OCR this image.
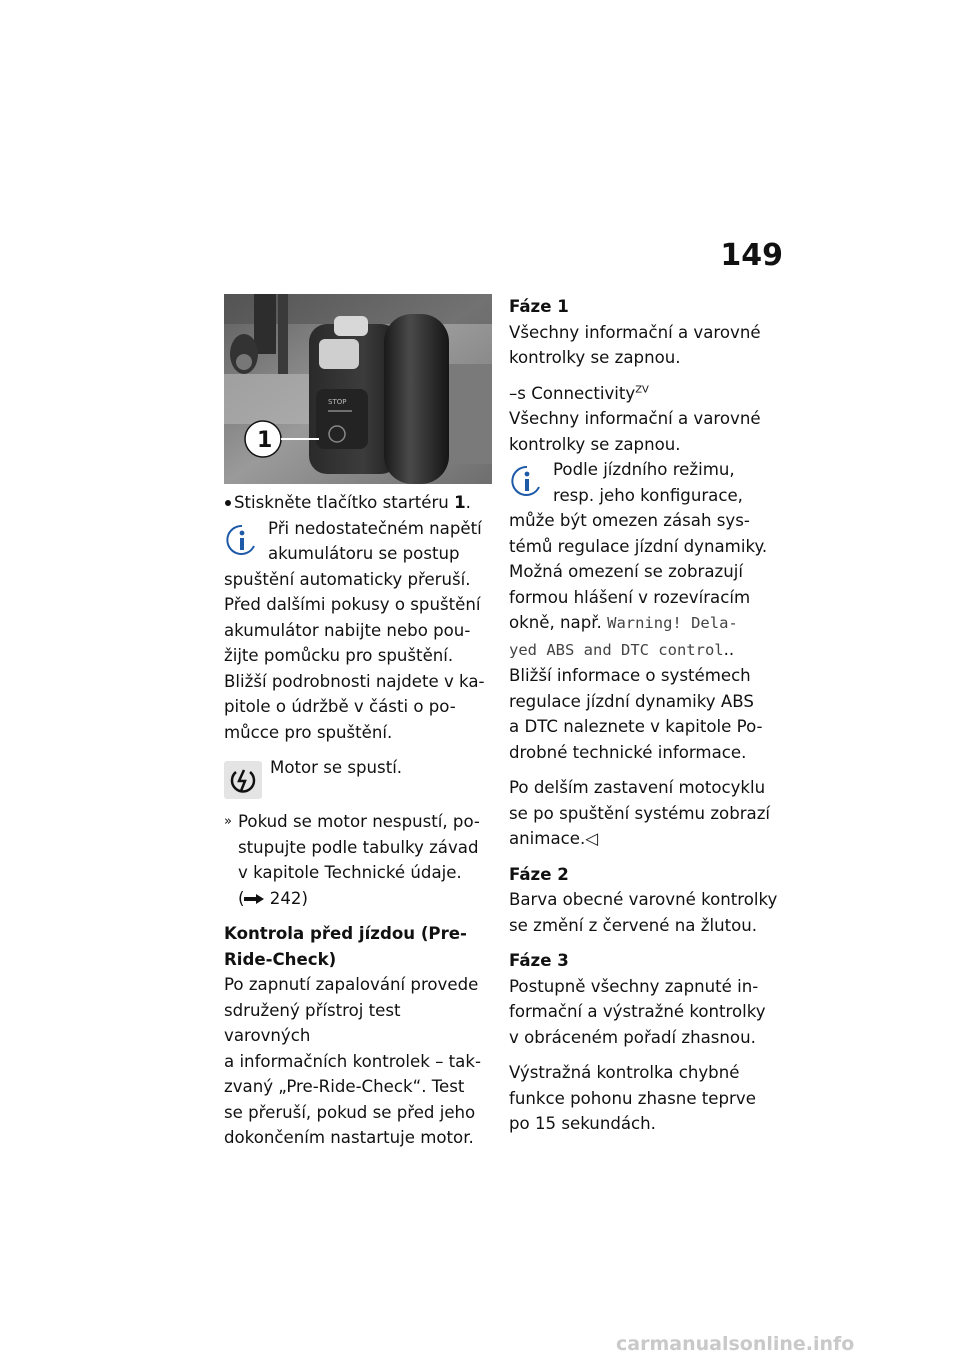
149
STOP
1

Stiskněte tlačítko startéru 1.

Při nedostatečném napětí

akumulátoru se postup

spuštění automaticky přeruší.

Před dalšími pokusy o spuštění

akumulátor nabijte nebo pou-

žijte pomůcku pro spuštění.

Bližší podrobnosti najdete v ka-

pitole o údržbě v části o po-

můcce pro spuštění.

Motor se spustí.

» Pokud se motor nespustí, po-

stupujte podle tabulky závad

v kapitole Technické údaje.

( 242)

Kontrola před jízdou (Pre-

Ride-Check)

Po zapnutí zapalování provede

sdružený přístroj test varovných

a informačních kontrolek – tak-

zvaný „Pre-Ride-Check“. Test

se přeruší, pokud se před jeho

dokončením nastartuje motor.

Fáze 1

Všechny informační a varovné

kontrolky se zapnou.

–s Connectivity$^{ZV}$

Všechny informační a varovné

kontrolky se zapnou.

Podle jízdního režimu,

resp. jeho konfigurace,

může být omezen zásah sys-

témů regulace jízdní dynamiky.

Možná omezení se zobrazují

formou hlášení v rozevíracím

okně, např. Warning! Dela-

yed ABS and DTC control..

Bližší informace o systémech

regulace jízdní dynamiky ABS

a DTC naleznete v kapitole Po-

drobné technické informace.

Po delším zastavení motocyklu

se po spuštění systému zobrazí

animace.◁

Fáze 2

Barva obecné varovné kontrolky

se změní z červené na žlutou.

Fáze 3

Postupně všechny zapnuté in-

formační a výstražné kontrolky

v obráceném pořadí zhasnou.

Výstražná kontrolka chybné

funkce pohonu zhasne teprve

po 15 sekundách.

carmanualsonline.info
